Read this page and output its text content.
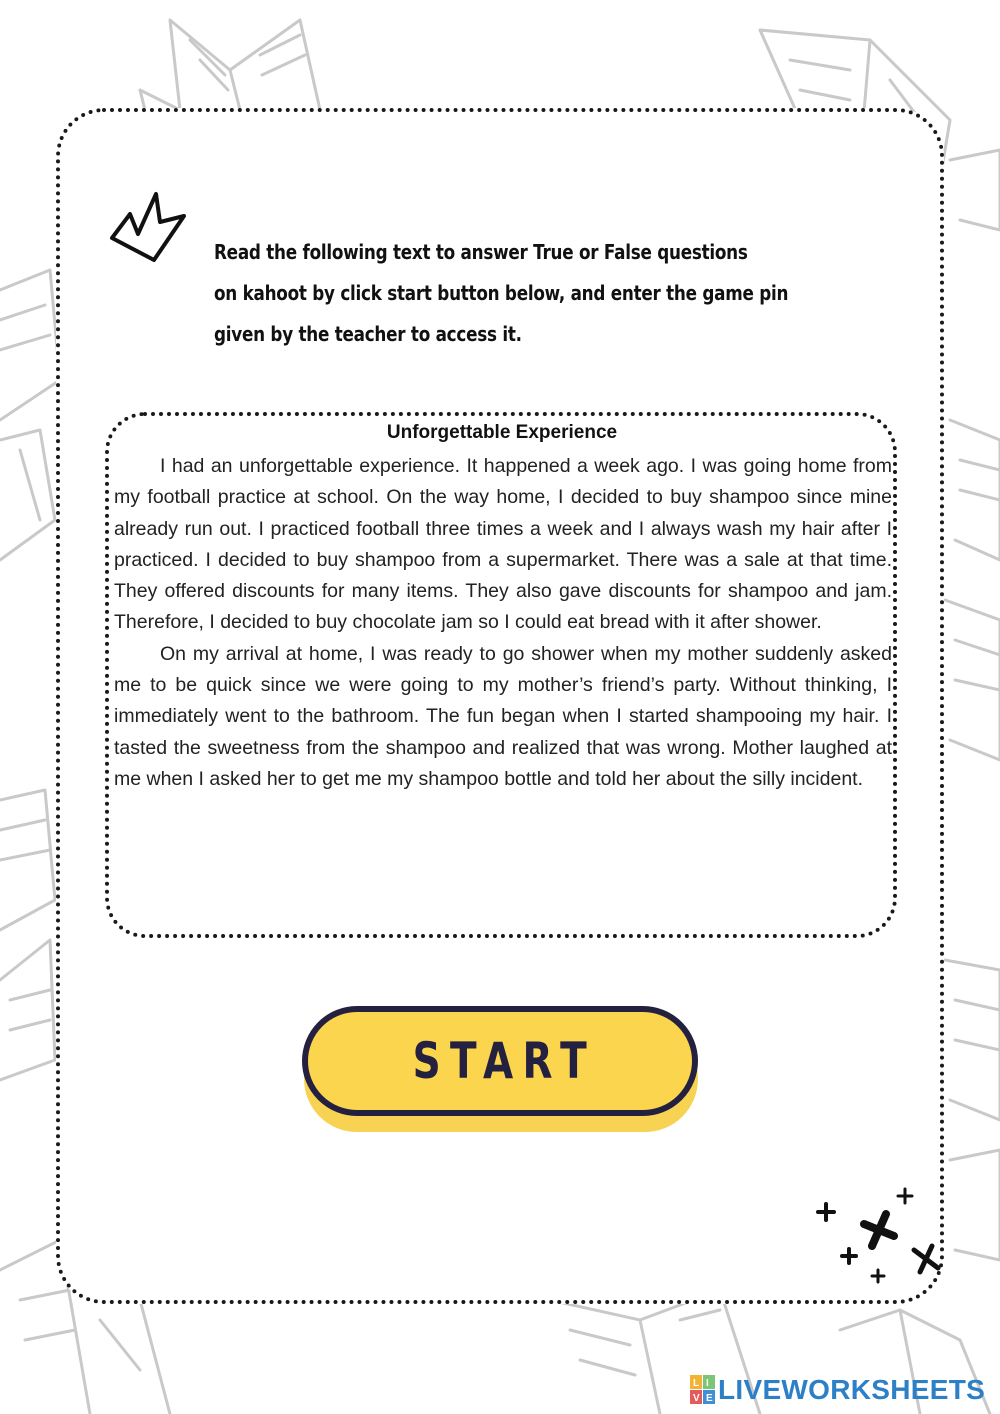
Read the following text to answer True or False questions
on kahoot by click start button below, and enter the game pin
given by the teacher to access it.
Unforgettable Experience

I had an unforgettable experience. It happened a week ago. I was going home from my football practice at school. On the way home, I decided to buy shampoo since mine already run out. I practiced football three times a week and I always wash my hair after I practiced. I decided to buy shampoo from a supermarket. There was a sale at that time. They offered discounts for many items. They also gave discounts for shampoo and jam. Therefore, I decided to buy chocolate jam so I could eat bread with it after shower.

On my arrival at home, I was ready to go shower when my mother suddenly asked me to be quick since we were going to my mother’s friend’s party. Without thinking, I immediately went to the bathroom. The fun began when I started shampooing my hair. I tasted the sweetness from the shampoo and realized that was wrong. Mother laughed at me when I asked her to get me my shampoo bottle and told her about the silly incident.

START
L I
V E LIVEWORKSHEETS
